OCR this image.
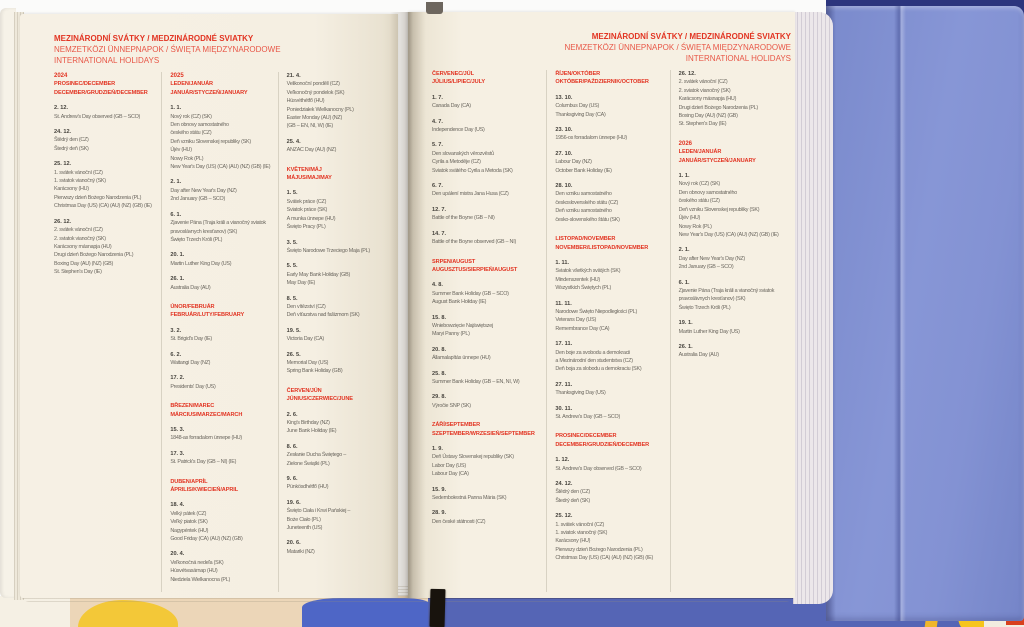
MEZINÁRODNÍ SVÁTKY / MEDZINÁRODNÉ SVIATKY
NEMZETKÖZI ÜNNEPNAPOK / ŚWIĘTA MIĘDZYNARODOWE
INTERNATIONAL HOLIDAYS
2024
PROSINEC/DECEMBER
DECEMBER/GRUDZIEŃ/DECEMBER
2. 12.
St. Andrew's Day observed (GB – SCO)
24. 12.
Štědrý den (CZ)
Štedrý deň (SK)
25. 12.
1. svátek vánoční (CZ)
1. sviatok vianočný (SK)
Karácsony (HU)
Pierwszy dzień Bożego Narodzenia (PL)
Christmas Day (US) (CA) (AU) (NZ) (GB) (IE)
26. 12.
2. svátek vánoční (CZ)
2. sviatok vianočný (SK)
Karácsony másnapja (HU)
Drugi dzień Bożego Narodzenia (PL)
Boxing Day (AU) (NZ) (GB)
St. Stephen's Day (IE)
2025
LEDEN/JANUÁR
JANUÁR/STYCZEŃ/JANUARY
1. 1.
Nový rok (CZ) (SK)
Den obnovy samostatného
českého státu (CZ)
Deň vzniku Slovenskej republiky (SK)
Újév (HU)
Nowy Rok (PL)
New Year's Day (US) (CA) (AU) (NZ) (GB) (IE)
2. 1.
Day after New Year's Day (NZ)
2nd January (GB – SCO)
6. 1.
Zjavenie Pána (Traja králi a vianočný sviatok
pravoslávnych kresťanov) (SK)
Święto Trzech Króli (PL)
20. 1.
Martin Luther King Day (US)
26. 1.
Australia Day (AU)
ÚNOR/FEBRUÁR
FEBRUÁR/LUTY/FEBRUARY
3. 2.
St. Brigid's Day (IE)
6. 2.
Waitangi Day (NZ)
17. 2.
Presidents' Day (US)
BŘEZEN/MAREC
MÁRCIUS/MARZEC/MARCH
15. 3.
1848-as forradalom ünnepe (HU)
17. 3.
St. Patrick's Day (GB – NI) (IE)
DUBEN/APRÍL
ÁPRILIS/KWIECIEŃ/APRIL
18. 4.
Velký pátek (CZ)
Veľký piatok (SK)
Nagypéntek (HU)
Good Friday (CA) (AU) (NZ) (GB)
20. 4.
Veľkonočná nedeľa (SK)
Húsvétvasárnap (HU)
Niedziela Wielkanocna (PL)
21. 4.
Velikonoční pondělí (CZ)
Veľkonočný pondelok (SK)
Húsvéthétfő (HU)
Poniedziałek Wielkanocny (PL)
Easter Monday (AU) (NZ)
(GB – EN, NI, W) (IE)
25. 4.
ANZAC Day (AU) (NZ)
KVĚTEN/MÁJ
MÁJUS/MAJ/MAY
1. 5.
Svátek práce (CZ)
Sviatok práce (SK)
A munka ünnepe (HU)
Święto Pracy (PL)
3. 5.
Święto Narodowe Trzeciego Maja (PL)
5. 5.
Early May Bank Holiday (GB)
May Day (IE)
8. 5.
Den vítězství (CZ)
Deň víťazstva nad fašizmom (SK)
19. 5.
Victoria Day (CA)
26. 5.
Memorial Day (US)
Spring Bank Holiday (GB)
ČERVEN/JÚN
JÚNIUS/CZERWIEC/JUNE
2. 6.
King's Birthday (NZ)
June Bank Holiday (IE)
8. 6.
Zesłanie Ducha Świętego –
Zielone Świątki (PL)
9. 6.
Pünkösdhétfő (HU)
19. 6.
Święto Ciała i Krwi Pańskiej –
Boże Ciało (PL)
Juneteenth (US)
20. 6.
Matariki (NZ)
MEZINÁRODNÍ SVÁTKY / MEDZINÁRODNÉ SVIATKY
NEMZETKÖZI ÜNNEPNAPOK / ŚWIĘTA MIĘDZYNARODOWE
INTERNATIONAL HOLIDAYS
ČERVENEC/JÚL
JÚLIUS/LIPIEC/JULY
1. 7.
Canada Day (CA)
4. 7.
Independence Day (US)
5. 7.
Den slovanských věrozvěstů
Cyrila a Metoděje (CZ)
Sviatok svätého Cyrila a Metoda (SK)
6. 7.
Den upálení mistra Jana Husa (CZ)
12. 7.
Battle of the Boyne (GB – NI)
14. 7.
Battle of the Boyne observed (GB – NI)
SRPEN/AUGUST
AUGUSZTUS/SIERPIEŃ/AUGUST
4. 8.
Summer Bank Holiday (GB – SCO)
August Bank Holiday (IE)
15. 8.
Wniebowzięcie Najświętszej
Maryi Panny (PL)
20. 8.
Államalapítás ünnepe (HU)
25. 8.
Summer Bank Holiday (GB – EN, NI, W)
29. 8.
Výročie SNP (SK)
ZÁŘÍ/SEPTEMBER
SZEPTEMBER/WRZESIEŃ/SEPTEMBER
1. 9.
Deň Ústavy Slovenskej republiky (SK)
Labor Day (US)
Labour Day (CA)
15. 9.
Sedembolestná Panna Mária (SK)
28. 9.
Den české státnosti (CZ)
ŘÍJEN/OKTÓBER
OKTÓBER/PAŹDZIERNIK/OCTOBER
13. 10.
Columbus Day (US)
Thanksgiving Day (CA)
23. 10.
1956-os forradalom ünnepe (HU)
27. 10.
Labour Day (NZ)
October Bank Holiday (IE)
28. 10.
Den vzniku samostatného
československého státu (CZ)
Deň vzniku samostatného
česko-slovenského štátu (SK)
LISTOPAD/NOVEMBER
NOVEMBER/LISTOPAD/NOVEMBER
1. 11.
Sviatok všetkých svätých (SK)
Mindenszentek (HU)
Wszystkich Świętych (PL)
11. 11.
Narodowe Święto Niepodległości (PL)
Veterans Day (US)
Remembrance Day (CA)
17. 11.
Den boje za svobodu a demokracii
a Mezinárodní den studentstva (CZ)
Deň boja za slobodu a demokraciu (SK)
27. 11.
Thanksgiving Day (US)
30. 11.
St. Andrew's Day (GB – SCO)
PROSINEC/DECEMBER
DECEMBER/GRUDZIEŃ/DECEMBER
1. 12.
St. Andrew's Day observed (GB – SCO)
24. 12.
Štědrý den (CZ)
Štedrý deň (SK)
25. 12.
1. svátek vánoční (CZ)
1. sviatok vianočný (SK)
Karácsony (HU)
Pierwszy dzień Bożego Narodzenia (PL)
Christmas Day (US) (CA) (AU) (NZ) (GB) (IE)
26. 12.
2. svátek vánoční (CZ)
2. sviatok vianočný (SK)
Karácsony másnapja (HU)
Drugi dzień Bożego Narodzenia (PL)
Boxing Day (AU) (NZ) (GB)
St. Stephen's Day (IE)
2026
LEDEN/JANUÁR
JANUÁR/STYCZEŃ/JANUARY
1. 1.
Nový rok (CZ) (SK)
Den obnovy samostatného
českého státu (CZ)
Deň vzniku Slovenskej republiky (SK)
Újév (HU)
Nowy Rok (PL)
New Year's Day (US) (CA) (AU) (NZ) (GB) (IE)
2. 1.
Day after New Year's Day (NZ)
2nd January (GB – SCO)
6. 1.
Zjavenie Pána (Traja králi a vianočný sviatok
pravoslávnych kresťanov) (SK)
Święto Trzech Króli (PL)
19. 1.
Martin Luther King Day (US)
26. 1.
Australia Day (AU)
